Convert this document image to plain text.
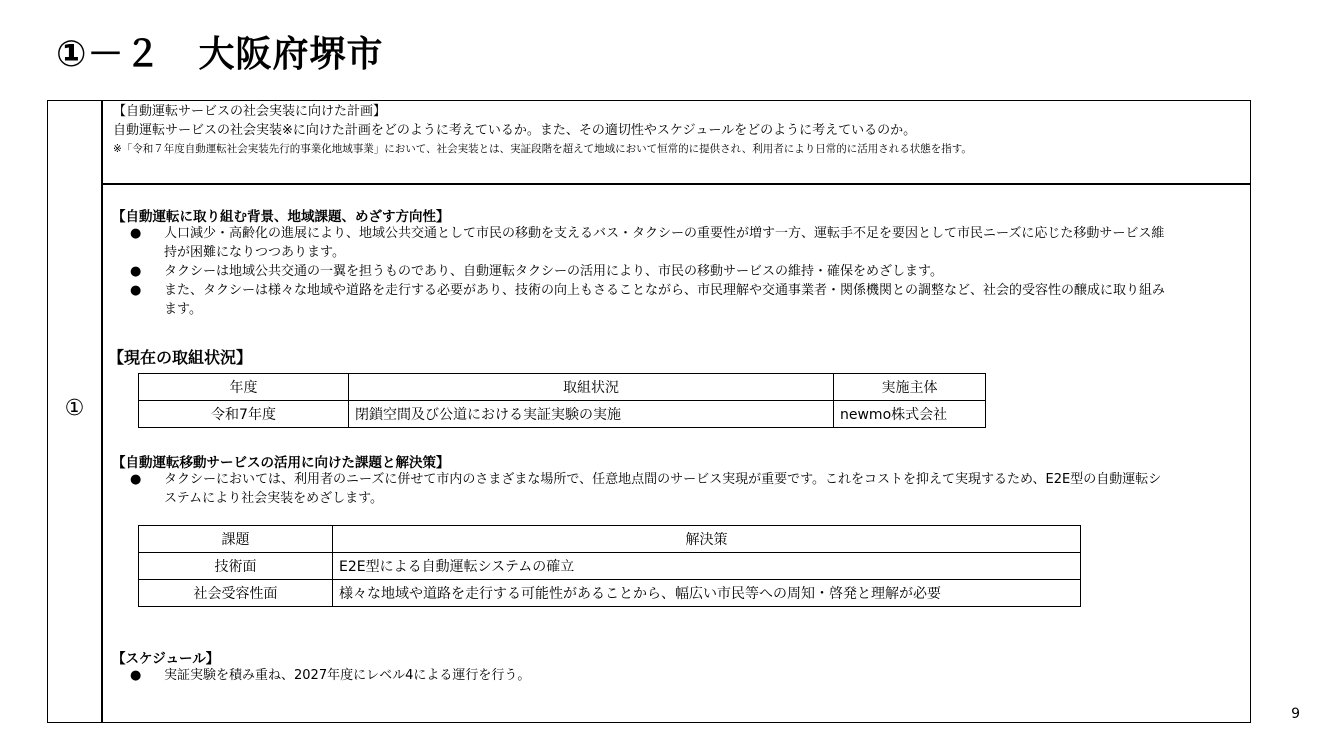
①－２　大阪府堺市
①
【自動運転サービスの社会実装に向けた計画】
自動運転サービスの社会実装※に向けた計画をどのように考えているか。また、その適切性やスケジュールをどのように考えているのか。
※「令和７年度自動運転社会実装先行的事業化地域事業」において、社会実装とは、実証段階を超えて地域において恒常的に提供され、利用者により日常的に活用される状態を指す。
【自動運転に取り組む背景、地域課題、めざす方向性】
● 人口減少・高齢化の進展により、地域公共交通として市民の移動を支えるバス・タクシーの重要性が増す一方、運転手不足を要因として市民ニーズに応じた移動サービス維持が困難になりつつあります。
● タクシーは地域公共交通の一翼を担うものであり、自動運転タクシーの活用により、市民の移動サービスの維持・確保をめざします。
● また、タクシーは様々な地域や道路を走行する必要があり、技術の向上もさることながら、市民理解や交通事業者・関係機関との調整など、社会的受容性の醸成に取り組みます。
【現在の取組状況】
年度	取組状況	実施主体
令和7年度	閉鎖空間及び公道における実証実験の実施	newmo株式会社
【自動運転移動サービスの活用に向けた課題と解決策】
● タクシーにおいては、利用者のニーズに併せて市内のさまざまな場所で、任意地点間のサービス実現が重要です。これをコストを抑えて実現するため、E2E型の自動運転システムにより社会実装をめざします。
課題	解決策
技術面	E2E型による自動運転システムの確立
社会受容性面	様々な地域や道路を走行する可能性があることから、幅広い市民等への周知・啓発と理解が必要
【スケジュール】
● 実証実験を積み重ね、2027年度にレベル4による運行を行う。
9
